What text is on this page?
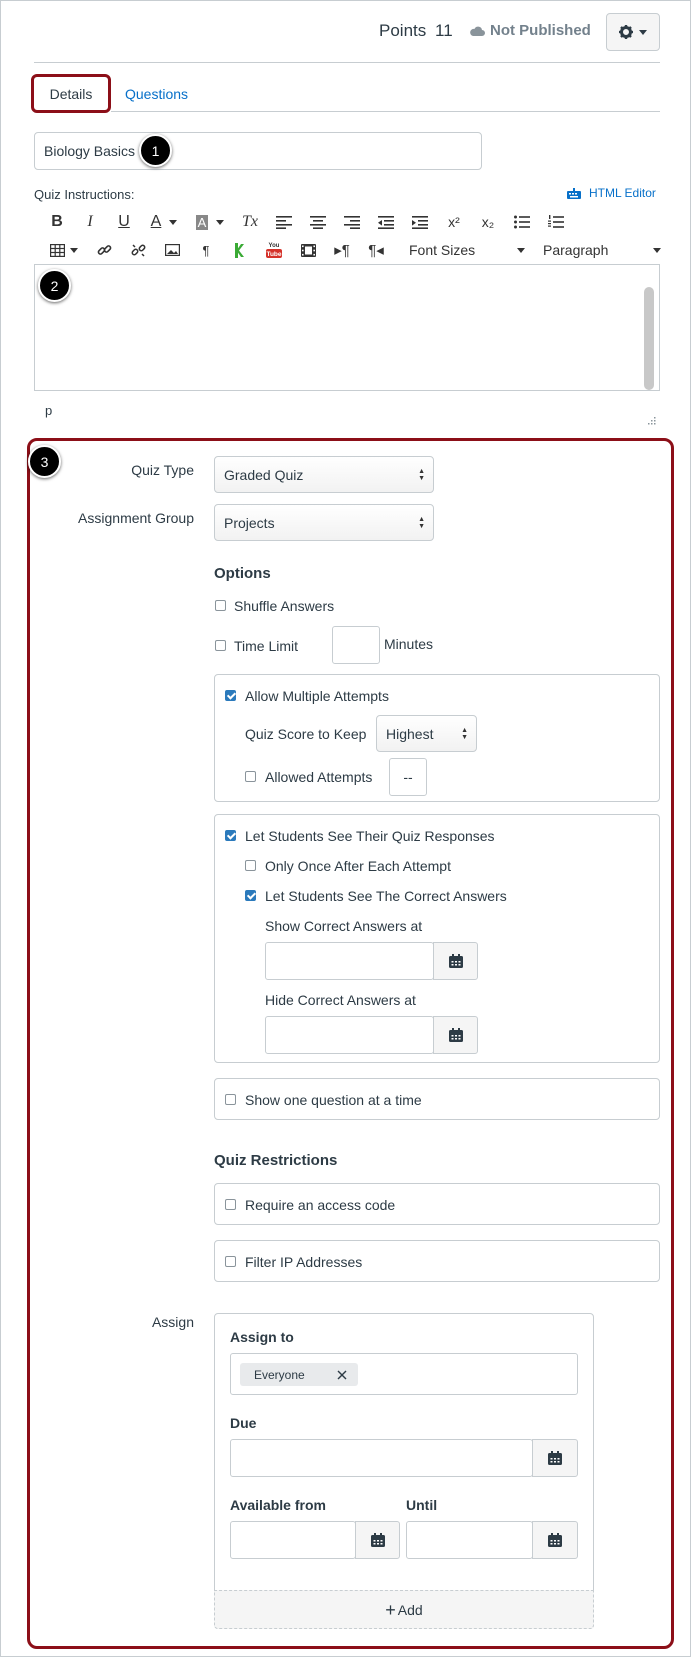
Points 11 Not Published
Details	Questions
Biology Basics	1
Quiz Instructions:	HTML Editor
B	I	U	A	A	Tx	x²	x₂
¶	You
Tube	▸¶	¶◂	Font Sizes	Paragraph
2
p
3
Quiz Type Graded Quiz	▲
▼
Assignment Group Projects	▲
▼
Options
Shuffle Answers
Time Limit	Minutes
Allow Multiple Attempts
Quiz Score to Keep Highest	▲
▼
Allowed Attempts	--
Let Students See Their Quiz Responses
Only Once After Each Attempt
Let Students See The Correct Answers
Show Correct Answers at
Hide Correct Answers at
Show one question at a time
Quiz Restrictions
Require an access code
Filter IP Addresses
Assign
Assign to
Everyone
Due
Available from	Until
+ Add
